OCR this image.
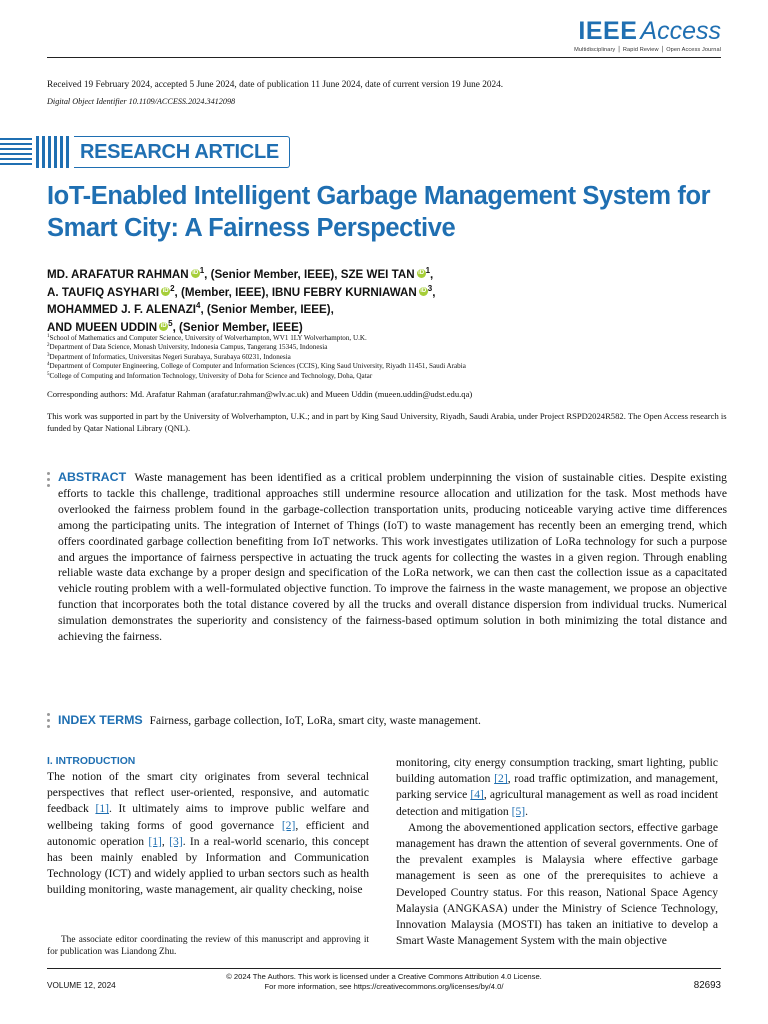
IEEE Access
Multidisciplinary ⎪ Rapid Review ⎪ Open Access Journal
Received 19 February 2024, accepted 5 June 2024, date of publication 11 June 2024, date of current version 19 June 2024.
Digital Object Identifier 10.1109/ACCESS.2024.3412098
RESEARCH ARTICLE
IoT-Enabled Intelligent Garbage Management System for Smart City: A Fairness Perspective
MD. ARAFATUR RAHMAN iD $^1$, (Senior Member, IEEE), SZE WEI TAN iD $^1$,
A. TAUFIQ ASYHARI iD $^2$, (Member, IEEE), IBNU FEBRY KURNIAWAN iD $^3$,
MOHAMMED J. F. ALENAZI$^4$, (Senior Member, IEEE),
AND MUEEN UDDIN iD $^5$, (Senior Member, IEEE)
$^1$School of Mathematics and Computer Science, University of Wolverhampton, WV1 1LY Wolverhampton, U.K.
$^2$Department of Data Science, Monash University, Indonesia Campus, Tangerang 15345, Indonesia
$^3$Department of Informatics, Universitas Negeri Surabaya, Surabaya 60231, Indonesia
$^4$Department of Computer Engineering, College of Computer and Information Sciences (CCIS), King Saud University, Riyadh 11451, Saudi Arabia
$^5$College of Computing and Information Technology, University of Doha for Science and Technology, Doha, Qatar
Corresponding authors: Md. Arafatur Rahman (arafatur.rahman@wlv.ac.uk) and Mueen Uddin (mueen.uddin@udst.edu.qa)
This work was supported in part by the University of Wolverhampton, U.K.; and in part by King Saud University, Riyadh, Saudi Arabia, under Project RSPD2024R582. The Open Access research is funded by Qatar National Library (QNL).
ABSTRACT Waste management has been identified as a critical problem underpinning the vision of sustainable cities. Despite existing efforts to tackle this challenge, traditional approaches still undermine resource allocation and utilization for the task. Most methods have overlooked the fairness problem found in the garbage-collection transportation units, producing noticeable varying active time differences among the participating units. The integration of Internet of Things (IoT) to waste management has recently been an emerging trend, which offers coordinated garbage collection benefiting from IoT networks. This work investigates utilization of LoRa technology for such a purpose and argues the importance of fairness perspective in actuating the truck agents for collecting the wastes in a given region. Through enabling reliable waste data exchange by a proper design and specification of the LoRa network, we can then cast the collection issue as a capacitated vehicle routing problem with a well-formulated objective function. To improve the fairness in the waste management, we propose an objective function that incorporates both the total distance covered by all the trucks and overall distance dispersion from individual trucks. Numerical simulation demonstrates the superiority and consistency of the fairness-based optimum solution in both minimizing the total distance and achieving the fairness.
INDEX TERMS Fairness, garbage collection, IoT, LoRa, smart city, waste management.
I. INTRODUCTION

The notion of the smart city originates from several technical perspectives that reflect user-oriented, responsive, and automatic feedback [1]. It ultimately aims to improve public welfare and wellbeing taking forms of good governance [2], efficient and autonomic operation [1], [3]. In a real-world scenario, this concept has been mainly enabled by Information and Communication Technology (ICT) and widely applied to urban sectors such as health building monitoring, waste management, air quality checking, noise

The associate editor coordinating the review of this manuscript and approving it for publication was Liandong Zhu.

monitoring, city energy consumption tracking, smart lighting, public building automation [2], road traffic optimization, and management, parking service [4], agricultural management as well as road incident detection and mitigation [5].

Among the abovementioned application sectors, effective garbage management has drawn the attention of several governments. One of the prevalent examples is Malaysia where effective garbage management is seen as one of the prerequisites to achieve a Developed Country status. For this reason, National Space Agency Malaysia (ANGKASA) under the Ministry of Science Technology, Innovation Malaysia (MOSTI) has taken an initiative to develop a Smart Waste Management System with the main objective

© 2024 The Authors. This work is licensed under a Creative Commons Attribution 4.0 License.
For more information, see https://creativecommons.org/licenses/by/4.0/
VOLUME 12, 2024	82693
